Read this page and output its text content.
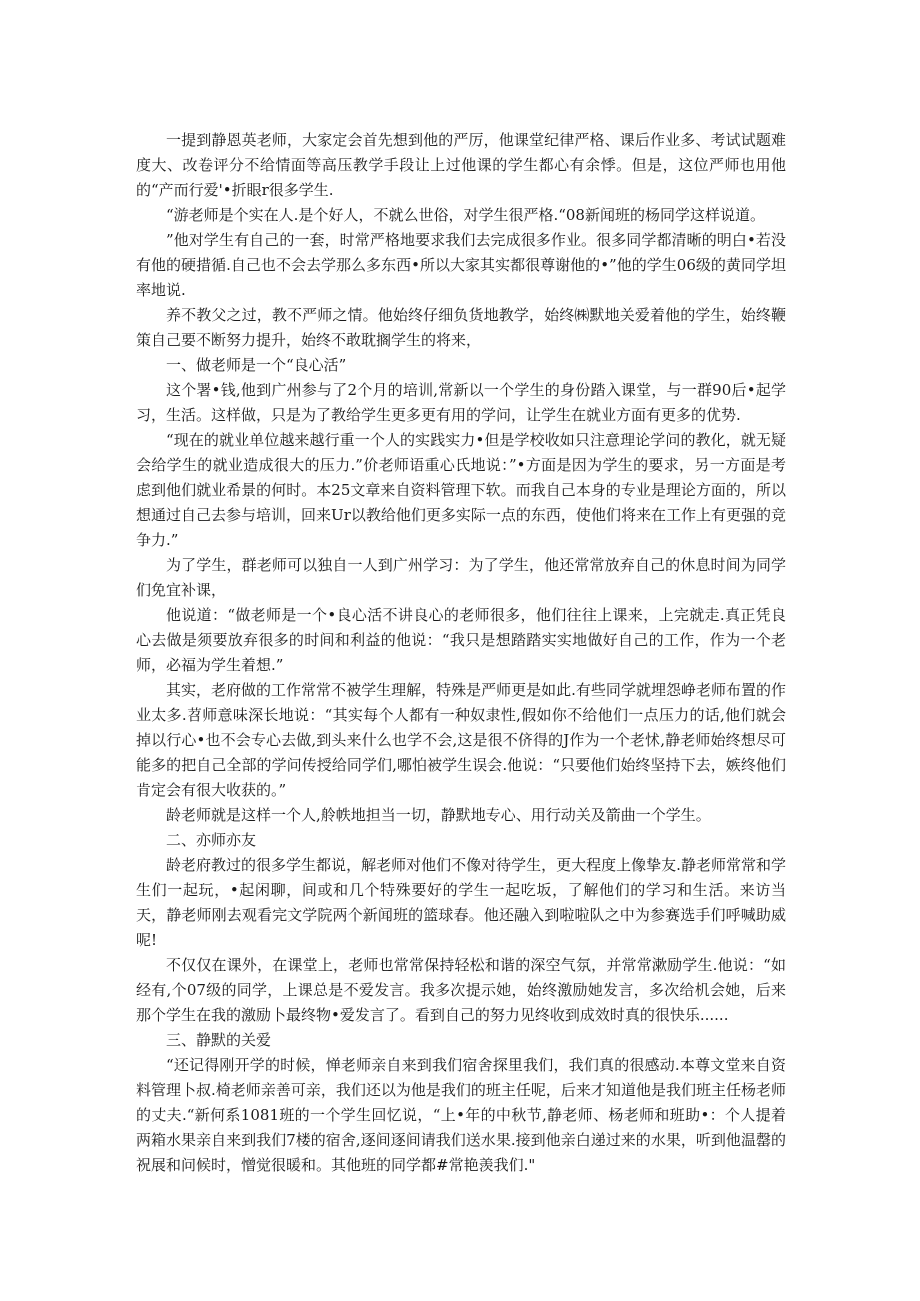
一提到静恩英老师，大家定会首先想到他的严厉，他课堂纪律严格、课后作业多、考试试题难度大、改卷评分不给情面等高压教学手段让上过他课的学生都心有余悸。但是，这位严师也用他的“产而行爱'•折眼r很多学生.

“游老师是个实在人.是个好人，不就么世俗，对学生很严格.“08新闻班的杨同学这样说道。

”他对学生有自己的一套，时常严格地要求我们去完成很多作业。很多同学都清晰的明白•若没有他的硬措循.自己也不会去学那么多东西•所以大家其实都很尊谢他的•”他的学生06级的黄同学坦率地说.

养不教父之过，教不严师之情。他始终仔细负货地教学，始终㈱默地关爱着他的学生，始终鞭策自己要不断努力提升，始终不敢耽搁学生的将来，

一、做老师是一个“良心活”

这个署•钱,他到广州参与了2个月的培训,常新以一个学生的身份踏入课堂，与一群90后•起学习，生活。这样做，只是为了教给学生更多更有用的学问，让学生在就业方面有更多的优势.

“现在的就业单位越来越行重一个人的实践实力•但是学校收如只注意理论学问的教化，就无疑会给学生的就业造成很大的压力.”价老师语重心氏地说：”•方面是因为学生的要求，另一方面是考虑到他们就业希景的何时。本25文章来自资料管理下软。而我自己本身的专业是理论方面的，所以想通过自己去参与培训，回来Ur以教给他们更多实际一点的东西，使他们将来在工作上有更强的竞争力.”

为了学生，群老师可以独自一人到广州学习：为了学生，他还常常放弃自己的休息时间为同学们免宜补课，

他说道：“做老师是一个•良心活不讲良心的老师很多，他们往往上课来，上完就走.真正凭良心去做是须要放弃很多的时间和利益的他说：“我只是想踏踏实实地做好自己的工作，作为一个老师，必福为学生着想.”

其实，老府做的工作常常不被学生理解，特殊是严师更是如此.有些同学就埋怨峥老师布置的作业太多.苕师意味深长地说：“其实每个人都有一种奴隶性,假如你不给他们一点压力的话,他们就会掉以行心•也不会专心去做,到头来什么也学不会,这是很不侪得的J作为一个老怵,静老师始终想尽可能多的把自己全部的学问传授给同学们,哪怕被学生误会.他说：“只要他们始终坚持下去，嫉终他们肯定会有很大收获的。”

龄老师就是这样一个人,舲帙地担当一切，静默地专心、用行动关及箭曲一个学生。

二、亦师亦友

龄老府教过的很多学生都说，解老师对他们不像对待学生，更大程度上像挚友.静老师常常和学生们一起玩，•起闲聊，间或和几个特殊要好的学生一起吃坂，了解他们的学习和生活。来访当天，静老师刚去观看完文学院两个新闻班的篮球春。他还融入到啦啦队之中为参赛选手们呼喊助威呢!

不仅仅在课外，在课堂上，老师也常常保持轻松和谐的深空气氛，并常常漱励学生.他说：“如经有,个07级的同学，上课总是不爱发言。我多次提示她，始终激励她发言，多次给机会她，后来那个学生在我的激励卜最终物•爱发言了。看到自己的努力见终收到成效时真的很快乐......

三、静默的关爱

“还记得刚开学的时候，惮老师亲自来到我们宿舍探里我们，我们真的很感动.本尊文堂来自资料管理卜叔.椅老师亲善可亲，我们还以为他是我们的班主任呢，后来才知道他是我们班主任杨老师的丈夫.“新何系1081班的一个学生回忆说，“上•年的中秋节,静老师、杨老师和班助•：个人提着两箱水果亲自来到我们7楼的宿舍,逐间逐间请我们送水果.接到他亲白递过来的水果，听到他温罄的祝展和问候时，憎觉很暖和。其他班的同学都#常艳羡我们."
